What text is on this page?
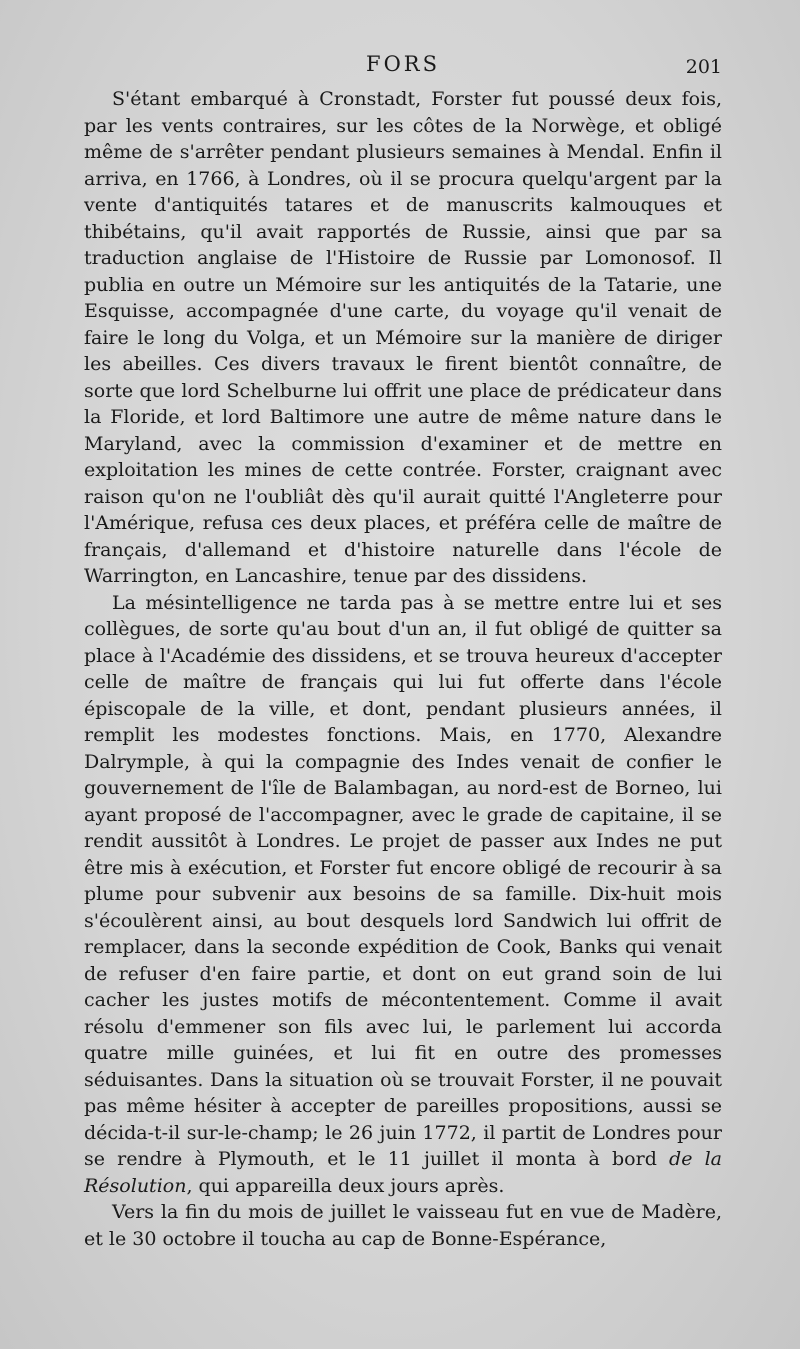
FORS	201

S'étant embarqué à Cronstadt, Forster fut poussé deux fois, par les vents contraires, sur les côtes de la Norwège, et obligé même de s'arrêter pendant plusieurs semaines à Mendal. Enfin il arriva, en 1766, à Londres, où il se procura quelqu'argent par la vente d'antiquités tatares et de manuscrits kalmouques et thibétains, qu'il avait rapportés de Russie, ainsi que par sa traduction anglaise de l'Histoire de Russie par Lomonosof. Il publia en outre un Mémoire sur les antiquités de la Tatarie, une Esquisse, accompagnée d'une carte, du voyage qu'il venait de faire le long du Volga, et un Mémoire sur la manière de diriger les abeilles. Ces divers travaux le firent bientôt connaître, de sorte que lord Schelburne lui offrit une place de prédicateur dans la Floride, et lord Baltimore une autre de même nature dans le Maryland, avec la commission d'examiner et de mettre en exploitation les mines de cette contrée. Forster, craignant avec raison qu'on ne l'oubliât dès qu'il aurait quitté l'Angleterre pour l'Amérique, refusa ces deux places, et préféra celle de maître de français, d'allemand et d'histoire naturelle dans l'école de Warrington, en Lancashire, tenue par des dissidens.

La mésintelligence ne tarda pas à se mettre entre lui et ses collègues, de sorte qu'au bout d'un an, il fut obligé de quitter sa place à l'Académie des dissidens, et se trouva heureux d'accepter celle de maître de français qui lui fut offerte dans l'école épiscopale de la ville, et dont, pendant plusieurs années, il remplit les modestes fonctions. Mais, en 1770, Alexandre Dalrymple, à qui la compagnie des Indes venait de confier le gouvernement de l'île de Balambagan, au nord-est de Borneo, lui ayant proposé de l'accompagner, avec le grade de capitaine, il se rendit aussitôt à Londres. Le projet de passer aux Indes ne put être mis à exécution, et Forster fut encore obligé de recourir à sa plume pour subvenir aux besoins de sa famille. Dix-huit mois s'écoulèrent ainsi, au bout desquels lord Sandwich lui offrit de remplacer, dans la seconde expédition de Cook, Banks qui venait de refuser d'en faire partie, et dont on eut grand soin de lui cacher les justes motifs de mécontentement. Comme il avait résolu d'emmener son fils avec lui, le parlement lui accorda quatre mille guinées, et lui fit en outre des promesses séduisantes. Dans la situation où se trouvait Forster, il ne pouvait pas même hésiter à accepter de pareilles propositions, aussi se décida-t-il sur-le-champ; le 26 juin 1772, il partit de Londres pour se rendre à Plymouth, et le 11 juillet il monta à bord de la Résolution, qui appareilla deux jours après.

Vers la fin du mois de juillet le vaisseau fut en vue de Madère, et le 30 octobre il toucha au cap de Bonne-Espérance,
